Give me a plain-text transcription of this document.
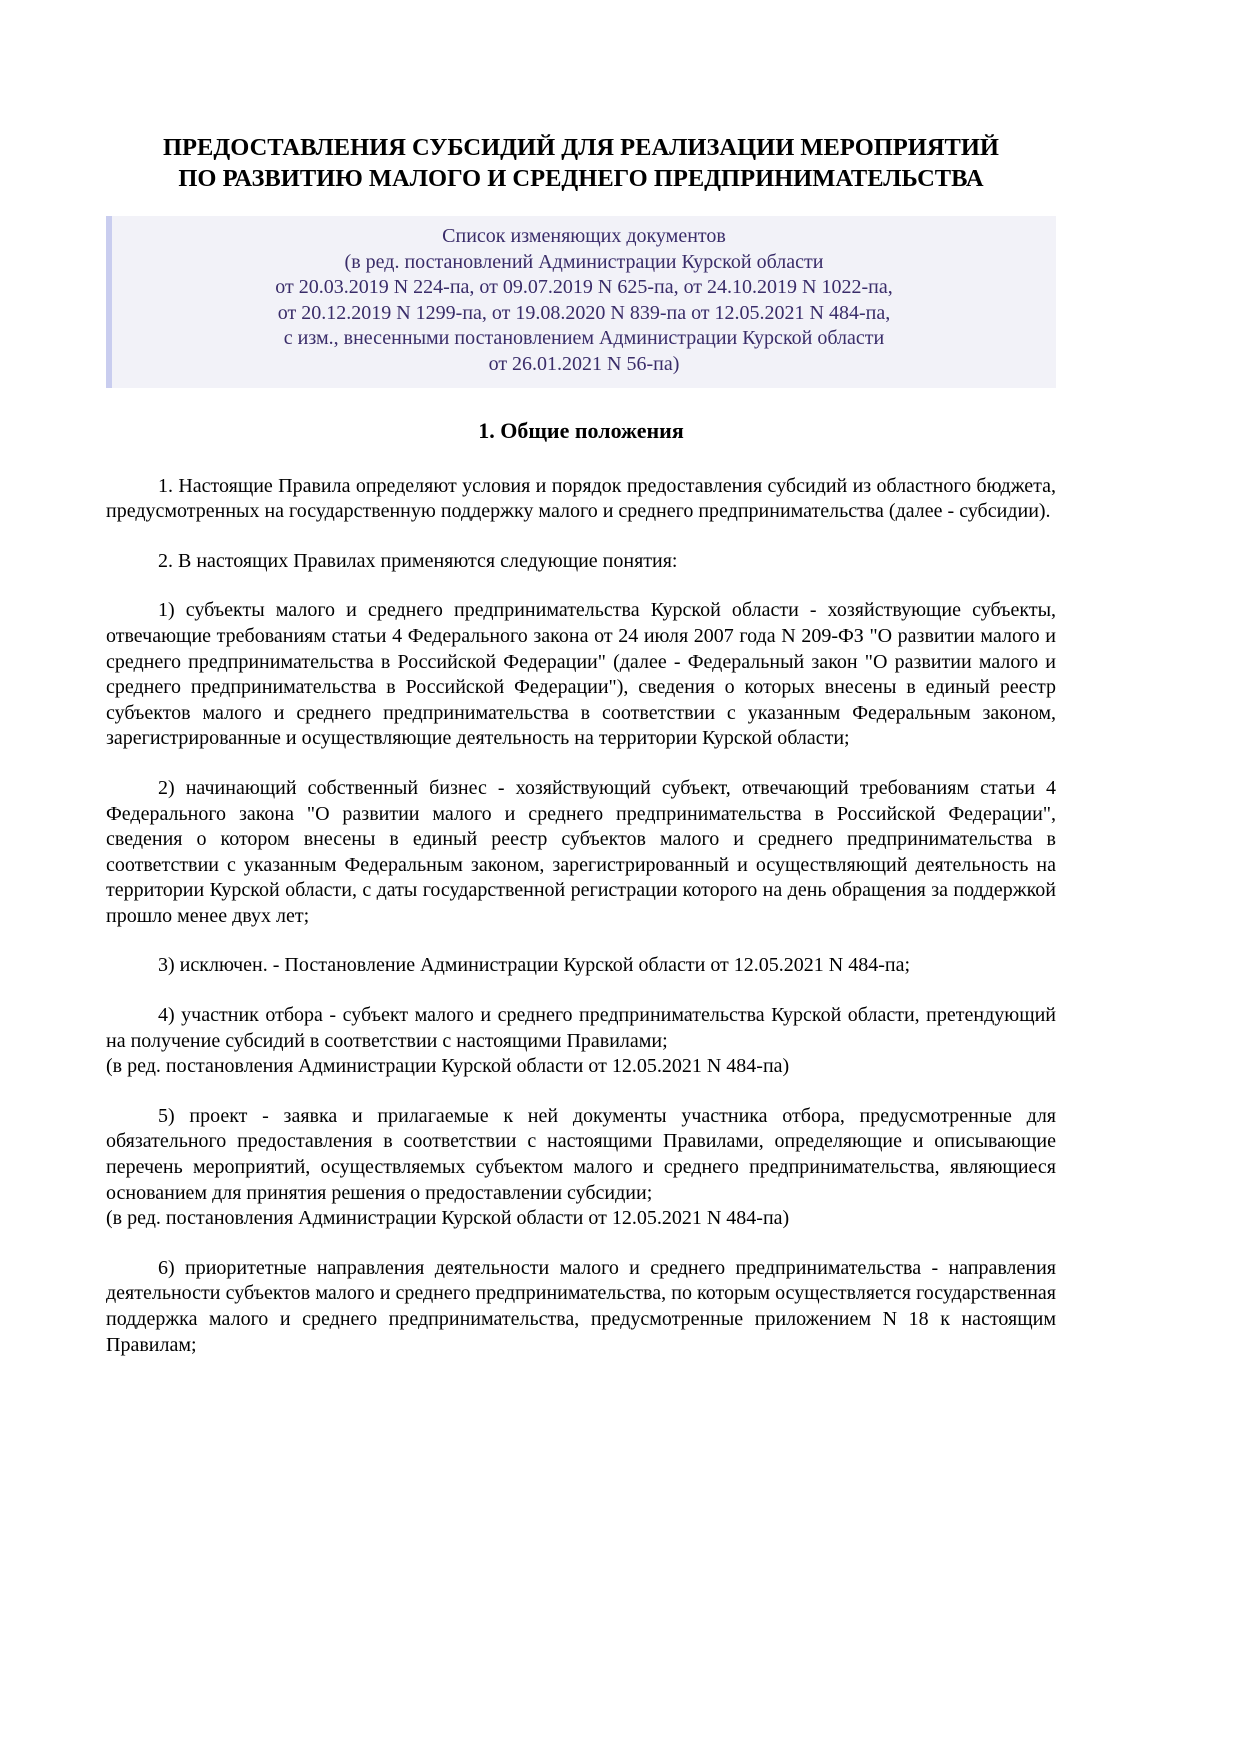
ПРЕДОСТАВЛЕНИЯ СУБСИДИЙ ДЛЯ РЕАЛИЗАЦИИ МЕРОПРИЯТИЙ
ПО РАЗВИТИЮ МАЛОГО И СРЕДНЕГО ПРЕДПРИНИМАТЕЛЬСТВА
Список изменяющих документов
(в ред. постановлений Администрации Курской области
от 20.03.2019 N 224-па, от 09.07.2019 N 625-па, от 24.10.2019 N 1022-па,
от 20.12.2019 N 1299-па, от 19.08.2020 N 839-па от 12.05.2021 N 484-па,
с изм., внесенными постановлением Администрации Курской области
от 26.01.2021 N 56-па)
1. Общие положения

1. Настоящие Правила определяют условия и порядок предоставления субсидий из областного бюджета, предусмотренных на государственную поддержку малого и среднего предпринимательства (далее - субсидии).

2. В настоящих Правилах применяются следующие понятия:

1) субъекты малого и среднего предпринимательства Курской области - хозяйствующие субъекты, отвечающие требованиям статьи 4 Федерального закона от 24 июля 2007 года N 209-ФЗ "О развитии малого и среднего предпринимательства в Российской Федерации" (далее - Федеральный закон "О развитии малого и среднего предпринимательства в Российской Федерации"), сведения о которых внесены в единый реестр субъектов малого и среднего предпринимательства в соответствии с указанным Федеральным законом, зарегистрированные и осуществляющие деятельность на территории Курской области;

2) начинающий собственный бизнес - хозяйствующий субъект, отвечающий требованиям статьи 4 Федерального закона "О развитии малого и среднего предпринимательства в Российской Федерации", сведения о котором внесены в единый реестр субъектов малого и среднего предпринимательства в соответствии с указанным Федеральным законом, зарегистрированный и осуществляющий деятельность на территории Курской области, с даты государственной регистрации которого на день обращения за поддержкой прошло менее двух лет;

3) исключен. - Постановление Администрации Курской области от 12.05.2021 N 484-па;

4) участник отбора - субъект малого и среднего предпринимательства Курской области, претендующий на получение субсидий в соответствии с настоящими Правилами;

(в ред. постановления Администрации Курской области от 12.05.2021 N 484-па)

5) проект - заявка и прилагаемые к ней документы участника отбора, предусмотренные для обязательного предоставления в соответствии с настоящими Правилами, определяющие и описывающие перечень мероприятий, осуществляемых субъектом малого и среднего предпринимательства, являющиеся основанием для принятия решения о предоставлении субсидии;

(в ред. постановления Администрации Курской области от 12.05.2021 N 484-па)

6) приоритетные направления деятельности малого и среднего предпринимательства - направления деятельности субъектов малого и среднего предпринимательства, по которым осуществляется государственная поддержка малого и среднего предпринимательства, предусмотренные приложением N 18 к настоящим Правилам;
